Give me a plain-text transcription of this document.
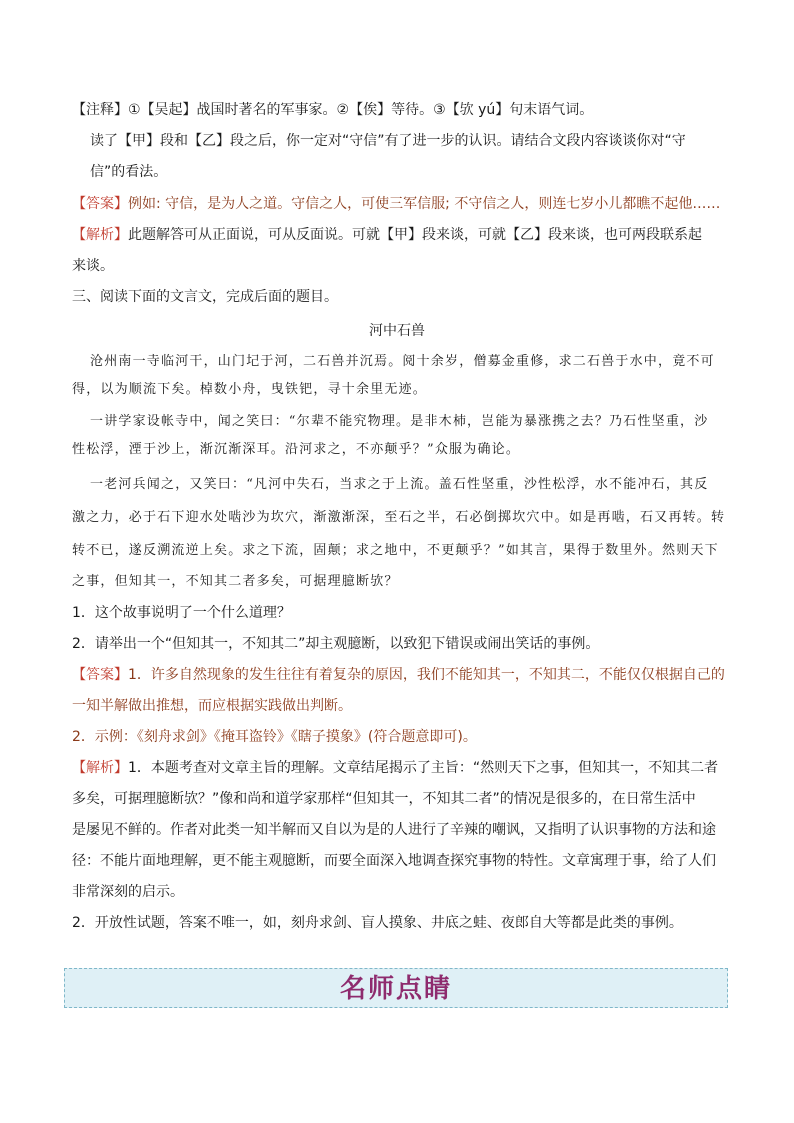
【注释】①【吴起】战国时著名的军事家。②【俟】等待。③【欤 yú】句末语气词。
读了【甲】段和【乙】段之后，你一定对“守信”有了进一步的认识。请结合文段内容谈谈你对“守
信”的看法。
【答案】例如: 守信，是为人之道。守信之人，可使三军信服; 不守信之人，则连七岁小儿都瞧不起他……
【解析】此题解答可从正面说，可从反面说。可就【甲】段来谈，可就【乙】段来谈，也可两段联系起
来谈。
三、阅读下面的文言文，完成后面的题目。
河中石兽
沧州南一寺临河干，山门圮于河，二石兽并沉焉。阅十余岁，僧募金重修，求二石兽于水中，竟不可
得，以为顺流下矣。棹数小舟，曳铁钯，寻十余里无迹。
一讲学家设帐寺中，闻之笑曰：“尔辈不能究物理。是非木杮，岂能为暴涨携之去？乃石性坚重，沙
性松浮，湮于沙上，渐沉渐深耳。沿河求之，不亦颠乎？”众服为确论。
一老河兵闻之，又笑曰：“凡河中失石，当求之于上流。盖石性坚重，沙性松浮，水不能冲石，其反
激之力，必于石下迎水处啮沙为坎穴，渐激渐深，至石之半，石必倒掷坎穴中。如是再啮，石又再转。转
转不已，遂反溯流逆上矣。求之下流，固颠；求之地中，不更颠乎？”如其言，果得于数里外。然则天下
之事，但知其一，不知其二者多矣，可据理臆断欤？
1．这个故事说明了一个什么道理？
2．请举出一个“但知其一，不知其二”却主观臆断，以致犯下错误或闹出笑话的事例。
【答案】1．许多自然现象的发生往往有着复杂的原因，我们不能知其一，不知其二，不能仅仅根据自己的
一知半解做出推想，而应根据实践做出判断。
2．示例：《刻舟求剑》《掩耳盗铃》《瞎子摸象》(符合题意即可)。
【解析】1．本题考查对文章主旨的理解。文章结尾揭示了主旨：“然则天下之事，但知其一，不知其二者
多矣，可据理臆断欤？”像和尚和道学家那样“但知其一，不知其二者”的情况是很多的，在日常生活中
是屡见不鲜的。作者对此类一知半解而又自以为是的人进行了辛辣的嘲讽，又指明了认识事物的方法和途
径：不能片面地理解，更不能主观臆断，而要全面深入地调查探究事物的特性。文章寓理于事，给了人们
非常深刻的启示。
2．开放性试题，答案不唯一，如，刻舟求剑、盲人摸象、井底之蛙、夜郎自大等都是此类的事例。
名师点睛
